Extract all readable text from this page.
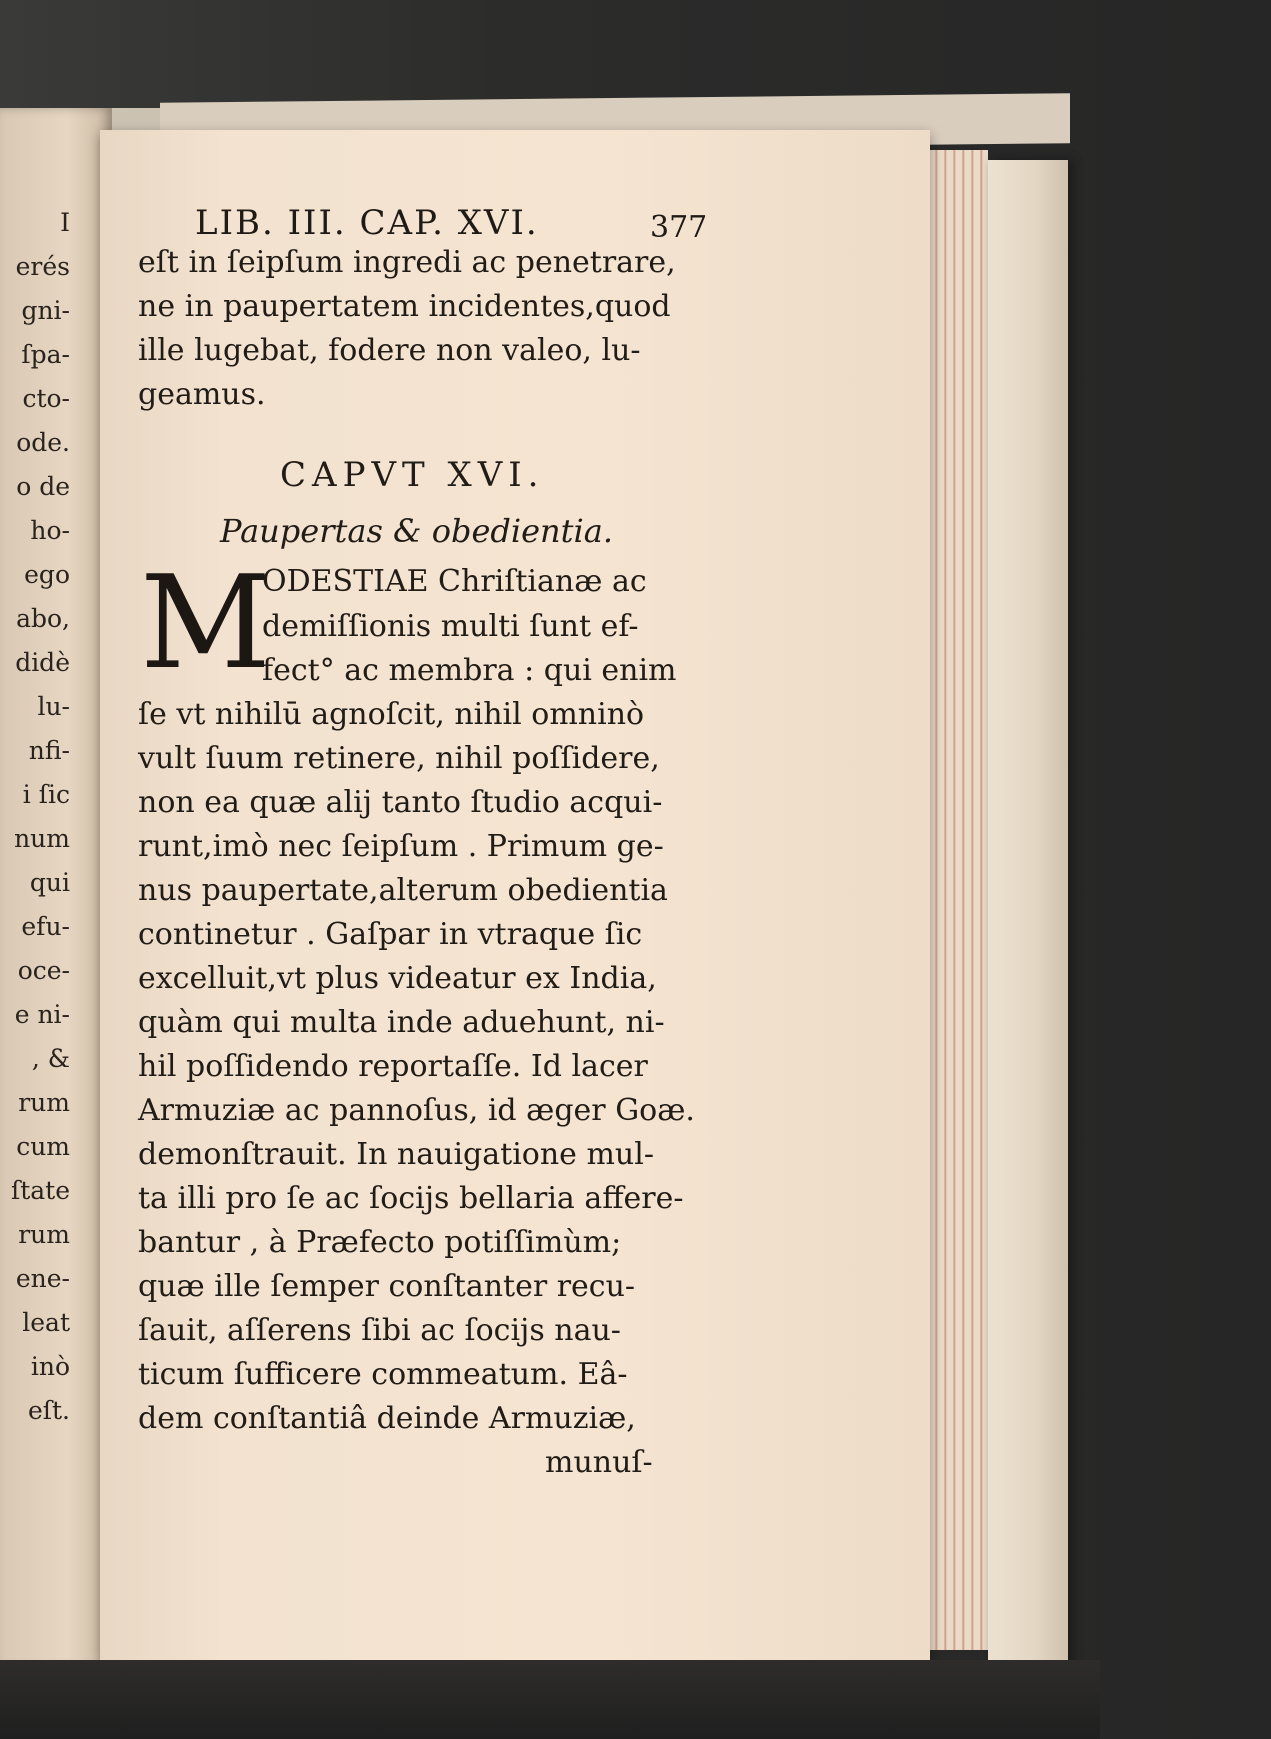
I
erés
gni-
ſpa-
cto-
ode.
o de
ho-
ego
abo,
didè
lu-
nfi-
i ſic
num
qui
efu-
oce-
e ni-
, &
rum
cum
ſtate
rum
ene-
leat
inò
eſt.
LIB. III. CAP. XVI.	377
eſt in ſeipſum ingredi ac penetrare,
ne in paupertatem incidentes,quod
ille lugebat, fodere non valeo, lu-
geamus.
CAPVT XVI.
Paupertas & obedientia.
M
ODESTIAE Chriſtianæ ac
demiſſionis multi ſunt ef-
fect° ac membra : qui enim
ſe vt nihilū agnoſcit, nihil omninò
vult ſuum retinere, nihil poſſidere,
non ea quæ alij tanto ſtudio acqui-
runt,imò nec ſeipſum . Primum ge-
nus paupertate,alterum obedientia
continetur . Gaſpar in vtraque ſic
excelluit,vt plus videatur ex India,
quàm qui multa inde aduehunt, ni-
hil poſſidendo reportaſſe. Id lacer
Armuziæ ac pannoſus, id æger Goæ.
demonſtrauit. In nauigatione mul-
ta illi pro ſe ac ſocijs bellaria affere-
bantur , à Præfecto potiſſimùm;
quæ ille ſemper conſtanter recu-
ſauit, aſſerens ſibi ac ſocijs nau-
ticum ſufficere commeatum. Eâ-
dem conſtantiâ deinde Armuziæ,
munuſ-
